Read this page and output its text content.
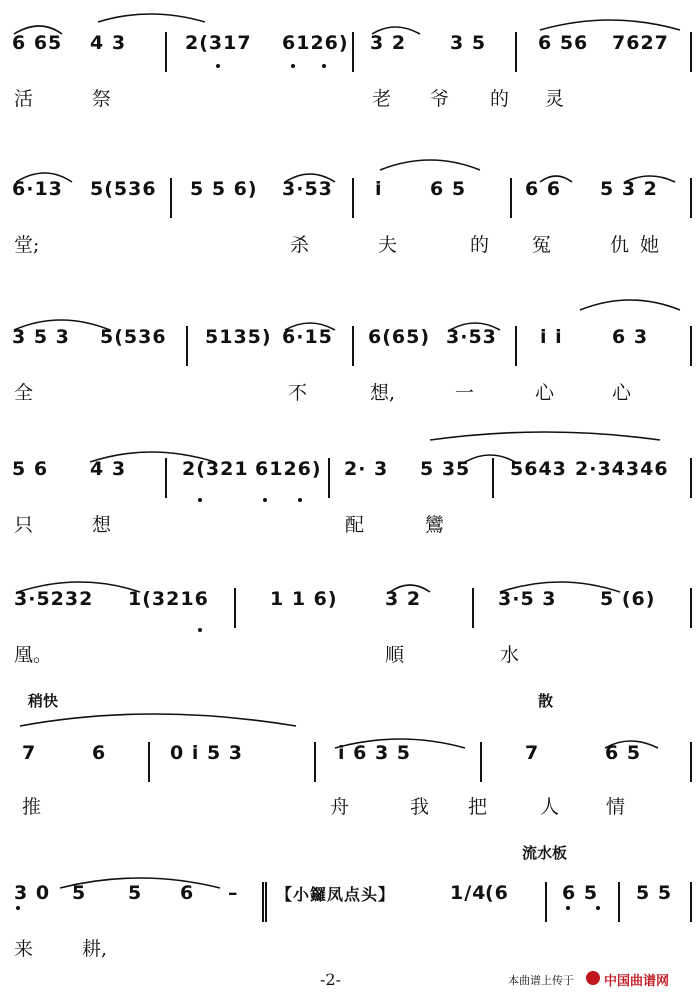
6 65 4 3	2(317 6126) 3 2 3 5	6 56 7627
活	祭	老 爷 的 灵
6·13 5(536 5 5 6) 3·53 i 6 5	6 6 5 3 2
堂;	杀	夫	的 冤	仇 她
3 5 3 5(536 5135) 6·15 6(65) 3·53 i i	6 3
全	不	想,	一	心	心
5 6 4 3	2(321 6126) 2· 3 5 35 5643 2·34346
只	想	配	鸞
3·5232 1(3216	1 1 6) 3 2	3·5 3 5 (6)
凰。	順	水
稍快	散
7	6	0 i 5 3	i 6 3 5	7	6 5
推	舟	我 把	人 情
流水板
3 0 5 5 6 – 【小鑼凤点头】	1/4
(6	6 5 5 5
来	耕,
-2-	本曲谱上传于 中国曲谱网
